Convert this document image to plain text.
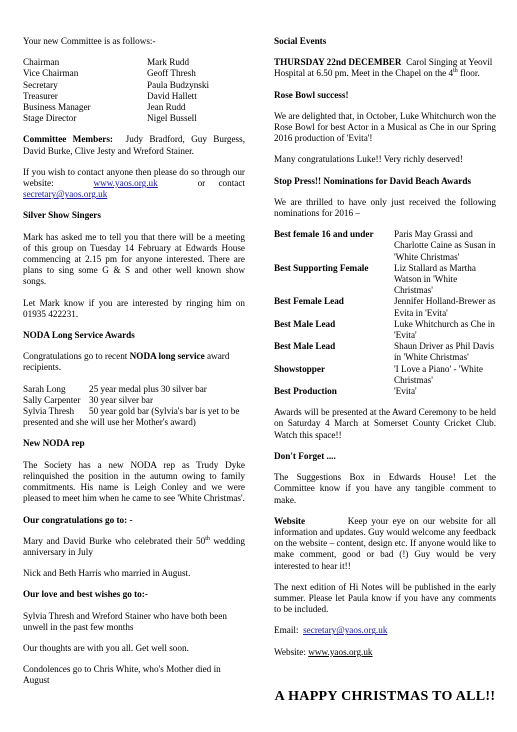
Your new Committee is as follows:-

Chairman	Mark Rudd
Vice Chairman	Geoff Thresh
Secretary	Paula Budzynski
Treasurer	David Hallett
Business Manager	Jean Rudd
Stage Director	Nigel Bussell

Committee Members: Judy Bradford, Guy Burgess, David Burke, Clive Jesty and Wreford Stainer.

If you wish to contact anyone then please do so through our website:	www.yaos.org.uk	or contact secretary@yaos.org.uk

Silver Show Singers

Mark has asked me to tell you that there will be a meeting of this group on Tuesday 14 February at Edwards House commencing at 2.15 pm for anyone interested. There are plans to sing some G & S and other well known show songs.

Let Mark know if you are interested by ringing him on 01935 422231.

NODA Long Service Awards

Congratulations go to recent NODA long service award recipients.

Sarah Long	25 year medal plus 30 silver bar
Sally Carpenter 30 year silver bar
Sylvia Thresh 50 year gold bar (Sylvia's bar is yet to be presented and she will use her Mother's award)

New NODA rep

The Society has a new NODA rep as Trudy Dyke relinquished the position in the autumn owing to family commitments. His name is Leigh Conley and we were pleased to meet him when he came to see 'White Christmas'.

Our congratulations go to: -

Mary and David Burke who celebrated their 50th wedding anniversary in July

Nick and Beth Harris who married in August.

Our love and best wishes go to:-

Sylvia Thresh and Wreford Stainer who have both been unwell in the past few months

Our thoughts are with you all. Get well soon.

Condolences go to Chris White, who's Mother died in August

Social Events

THURSDAY 22nd DECEMBER Carol Singing at Yeovil Hospital at 6.50 pm. Meet in the Chapel on the 4th floor.

Rose Bowl success!

We are delighted that, in October, Luke Whitchurch won the Rose Bowl for best Actor in a Musical as Che in our Spring 2016 production of 'Evita'!

Many congratulations Luke!! Very richly deserved!

Stop Press!! Nominations for David Beach Awards

We are thrilled to have only just received the following nominations for 2016 –

Best female 16 and under	Paris May Grassi and Charlotte Caine as Susan in 'White Christmas'
Best Supporting Female	Liz Stallard as Martha Watson in 'White Christmas'
Best Female Lead	Jennifer Holland-Brewer as Evita in 'Evita'
Best Male Lead	Luke Whitchurch as Che in 'Evita'
Best Male Lead	Shaun Driver as Phil Davis in 'White Christmas'
Showstopper	'I Love a Piano' - 'White Christmas'
Best Production	'Evita'

Awards will be presented at the Award Ceremony to be held on Saturday 4 March at Somerset County Cricket Club. Watch this space!!

Don't Forget ....

The Suggestions Box in Edwards House! Let the Committee know if you have any tangible comment to make.

Website	Keep your eye on our website for all information and updates. Guy would welcome any feedback on the website – content, design etc. If anyone would like to make comment, good or bad (!) Guy would be very interested to hear it!!

The next edition of Hi Notes will be published in the early summer. Please let Paula know if you have any comments to be included.

Email: secretary@yaos.org.uk

Website: www.yaos.org.uk

A HAPPY CHRISTMAS TO ALL!!
